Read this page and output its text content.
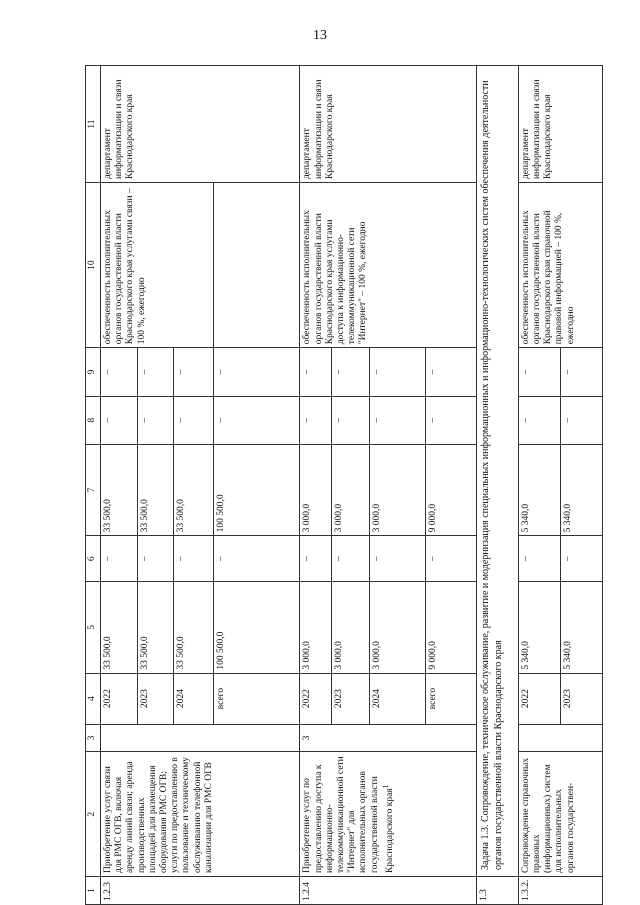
13
1	2	3	4	5	6	7	8	9	10	11
1.2.3	Приобретение услуг связи для РМС ОГВ, включая аренду линий связи; аренда производственных площадей для размещения оборудования РМС ОГВ; услуги по предоставлению в пользование и техническому обслуживанию телефонной канализации для РМС ОГВ		2022	33 500,0	–	33 500,0	–	–	обеспеченность исполнительных органов государственной власти Краснодарского края услугами связи – 100 %, ежегодно	департамент информатизации и связи Краснодарского края
			2023	33 500,0	–	33 500,0	–	–		
			2024	33 500,0	–	33 500,0	–	–		
			всего	100 500,0	–	100 500,0	–	–		
1.2.4	Приобретение услуг по предоставлению доступа к информационно-телекоммуникационной сети "Интернет" для исполнительных органов государственной власти Краснодарского края$^1$	3	2022	3 000,0	–	3 000,0	–	–	обеспеченность исполнительных органов государственной власти Краснодарского края услугами доступа к информационно-телекоммуникационной сети "Интернет" – 100 %, ежегодно	департамент информатизации и связи Краснодарского края
			2023	3 000,0	–	3 000,0	–	–		
			2024	3 000,0	–	3 000,0	–	–		
			всего	9 000,0	–	9 000,0	–	–		
1.3	Задача 1.3. Сопровождение, техническое обслуживание, развитие и модернизация специальных информационных и информационно-технологических систем обеспечения деятельности органов государственной власти Краснодарского края									
1.3.2.	Сопровождение справочных правовых (информационных) систем для исполнительных органов государствен-		2022	5 340,0	–	5 340,0	–	–	обеспеченность исполнительных органов государственной власти Краснодарского края справочной правовой информацией – 100 %, ежегодно	департамент информатизации и связи Краснодарского края
			2023	5 340,0	–	5 340,0	–	–		
